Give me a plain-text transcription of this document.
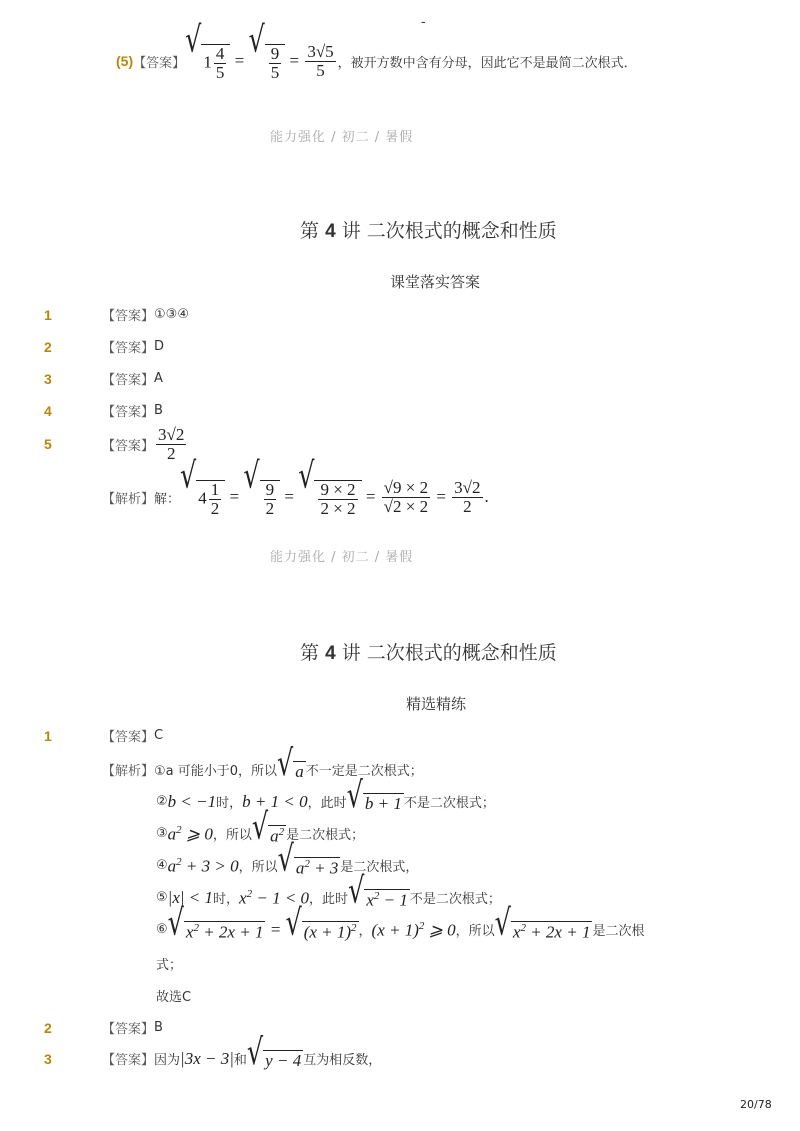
-
(5) 【答案】
√
$1 \frac{4}{5}$ = √
$\frac{9}{5} = \frac{3√5}{5}$ ，被开方数中含有分母，因此它不是最简二次根式．
能力强化 / 初二 / 暑假
第 4 讲 二次根式的概念和性质
课堂落实答案
1	【答案】 ①③④
2	【答案】 D
3	【答案】 A
4	【答案】 B
5	【答案】 $\frac{3√2}{2}$
【解析】 解：
√
$4 \frac{1}{2}$ = √
$\frac{9}{2}$ = √
$\frac{9 \times 2}{2 \times 2} = \frac{√9 \times 2}{√2 \times 2} = \frac{3√2}{2}$ .
能力强化 / 初二 / 暑假
第 4 讲 二次根式的概念和性质
精选精练
1	【答案】 C
【解析】 ①a 可能小于0，所以 √ a 不一定是二次根式；
② b < −1 时， b + 1 < 0 ，此时 √ b + 1 不是二次根式；
③ $a^2$ ⩾ 0 ，所以 √ $a^2$ 是二次根式；
④ $a^2 + 3 > 0$ ，所以 √ $a^2 + 3$ 是二次根式，
⑤ |x| < 1 时， $x^2 - 1 < 0$ ，此时 √ $x^2 - 1$ 不是二次根式；
⑥ √ $x^2 + 2x + 1$ = √ $(x + 1)^2$ ， $(x + 1)^2$ ⩾ 0 ，所以 √ $x^2 + 2x + 1$ 是二次根
式；
故选C
2	【答案】 B
3	【答案】 因为 |3x − 3| 和 √ y − 4 互为相反数，
20/78
